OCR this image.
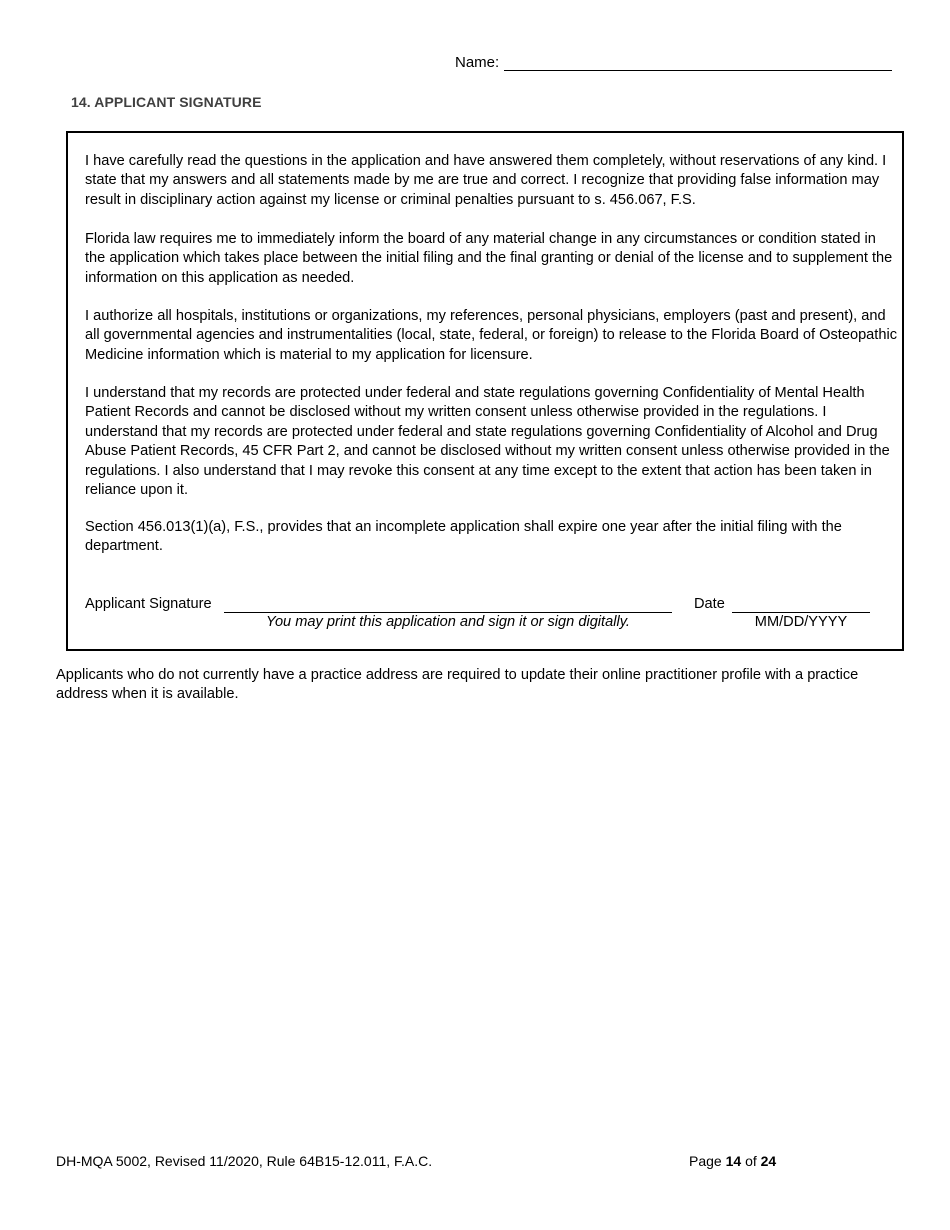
Name:
14. APPLICANT SIGNATURE

I have carefully read the questions in the application and have answered them completely, without reservations of any kind. I state that my answers and all statements made by me are true and correct. I recognize that providing false information may result in disciplinary action against my license or criminal penalties pursuant to s. 456.067, F.S.

Florida law requires me to immediately inform the board of any material change in any circumstances or condition stated in the application which takes place between the initial filing and the final granting or denial of the license and to supplement the information on this application as needed.

I authorize all hospitals, institutions or organizations, my references, personal physicians, employers (past and present), and all governmental agencies and instrumentalities (local, state, federal, or foreign) to release to the Florida Board of Osteopathic Medicine information which is material to my application for licensure.

I understand that my records are protected under federal and state regulations governing Confidentiality of Mental Health Patient Records and cannot be disclosed without my written consent unless otherwise provided in the regulations. I understand that my records are protected under federal and state regulations governing Confidentiality of Alcohol and Drug Abuse Patient Records, 45 CFR Part 2, and cannot be disclosed without my written consent unless otherwise provided in the regulations. I also understand that I may revoke this consent at any time except to the extent that action has been taken in reliance upon it.

Section 456.013(1)(a), F.S., provides that an incomplete application shall expire one year after the initial filing with the department.

Applicant Signature
You may print this application and sign it or sign digitally.
Date
MM/DD/YYYY

Applicants who do not currently have a practice address are required to update their online practitioner profile with a practice address when it is available.

DH-MQA 5002, Revised 11/2020, Rule 64B15-12.011, F.A.C.	Page 14 of 24
